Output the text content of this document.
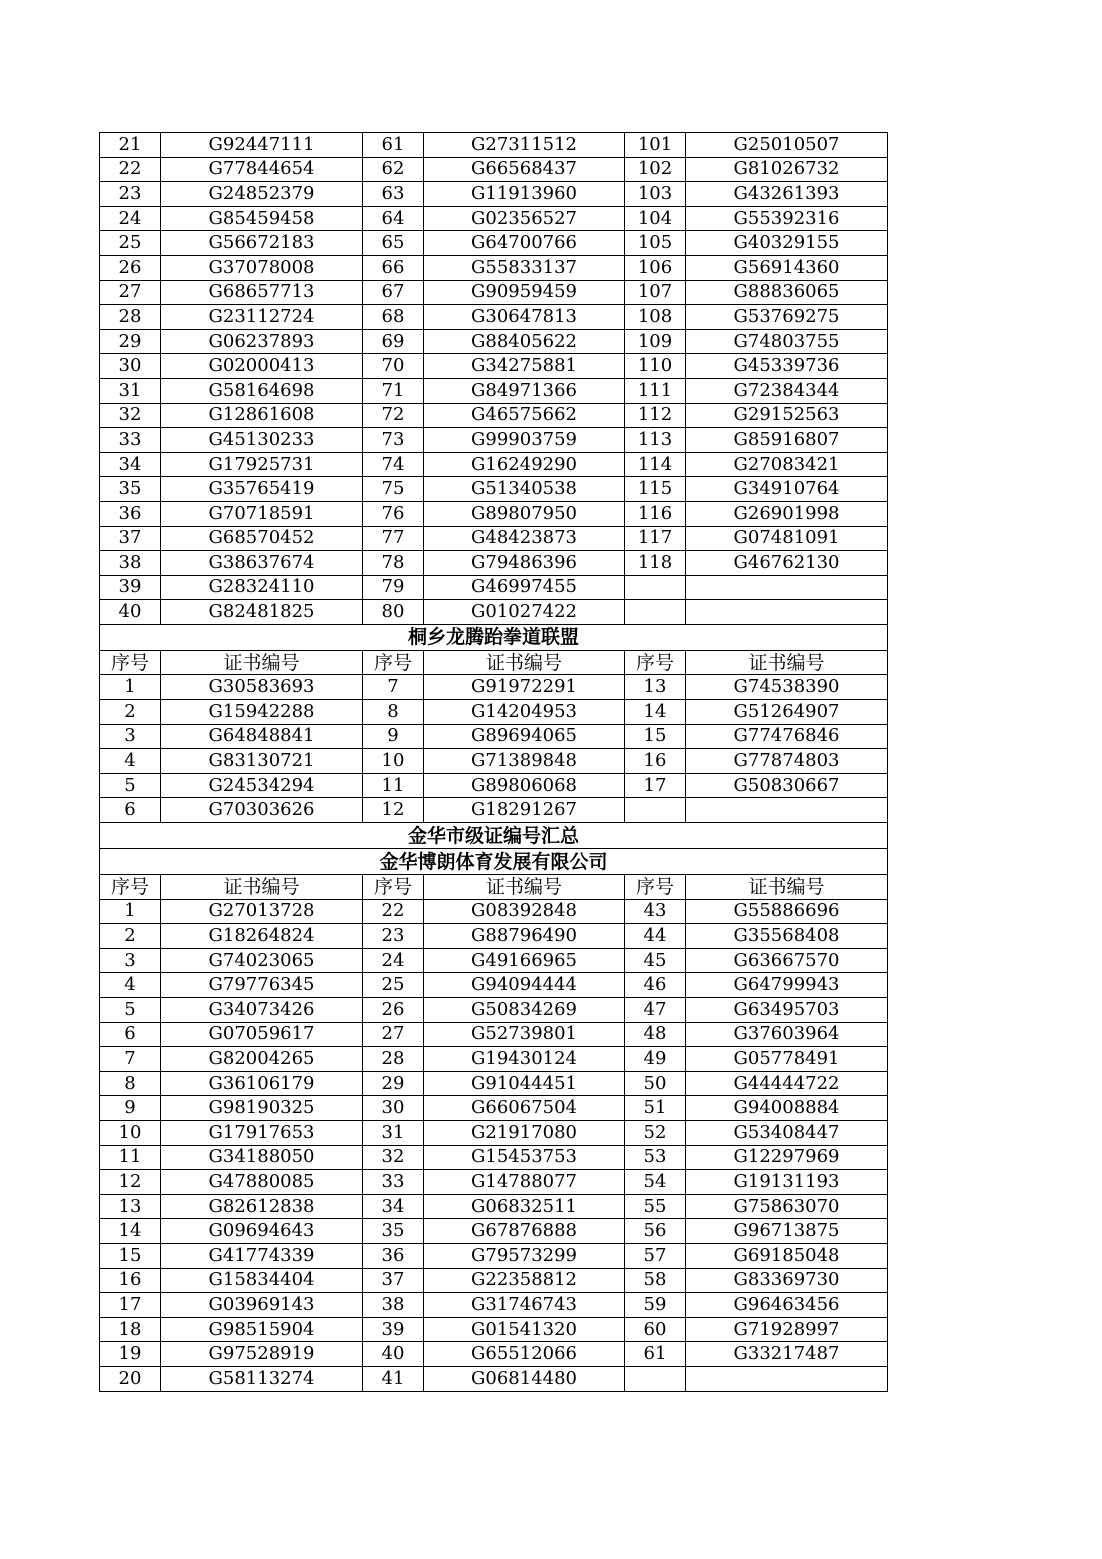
21	G92447111	61	G27311512	101	G25010507
22	G77844654	62	G66568437	102	G81026732
23	G24852379	63	G11913960	103	G43261393
24	G85459458	64	G02356527	104	G55392316
25	G56672183	65	G64700766	105	G40329155
26	G37078008	66	G55833137	106	G56914360
27	G68657713	67	G90959459	107	G88836065
28	G23112724	68	G30647813	108	G53769275
29	G06237893	69	G88405622	109	G74803755
30	G02000413	70	G34275881	110	G45339736
31	G58164698	71	G84971366	111	G72384344
32	G12861608	72	G46575662	112	G29152563
33	G45130233	73	G99903759	113	G85916807
34	G17925731	74	G16249290	114	G27083421
35	G35765419	75	G51340538	115	G34910764
36	G70718591	76	G89807950	116	G26901998
37	G68570452	77	G48423873	117	G07481091
38	G38637674	78	G79486396	118	G46762130
39	G28324110	79	G46997455		
40	G82481825	80	G01027422		
桐乡龙腾跆拳道联盟					
序号	证书编号	序号	证书编号	序号	证书编号
1	G30583693	7	G91972291	13	G74538390
2	G15942288	8	G14204953	14	G51264907
3	G64848841	9	G89694065	15	G77476846
4	G83130721	10	G71389848	16	G77874803
5	G24534294	11	G89806068	17	G50830667
6	G70303626	12	G18291267		
金华市级证编号汇总					
金华博朗体育发展有限公司					
序号	证书编号	序号	证书编号	序号	证书编号
1	G27013728	22	G08392848	43	G55886696
2	G18264824	23	G88796490	44	G35568408
3	G74023065	24	G49166965	45	G63667570
4	G79776345	25	G94094444	46	G64799943
5	G34073426	26	G50834269	47	G63495703
6	G07059617	27	G52739801	48	G37603964
7	G82004265	28	G19430124	49	G05778491
8	G36106179	29	G91044451	50	G44444722
9	G98190325	30	G66067504	51	G94008884
10	G17917653	31	G21917080	52	G53408447
11	G34188050	32	G15453753	53	G12297969
12	G47880085	33	G14788077	54	G19131193
13	G82612838	34	G06832511	55	G75863070
14	G09694643	35	G67876888	56	G96713875
15	G41774339	36	G79573299	57	G69185048
16	G15834404	37	G22358812	58	G83369730
17	G03969143	38	G31746743	59	G96463456
18	G98515904	39	G01541320	60	G71928997
19	G97528919	40	G65512066	61	G33217487
20	G58113274	41	G06814480		
